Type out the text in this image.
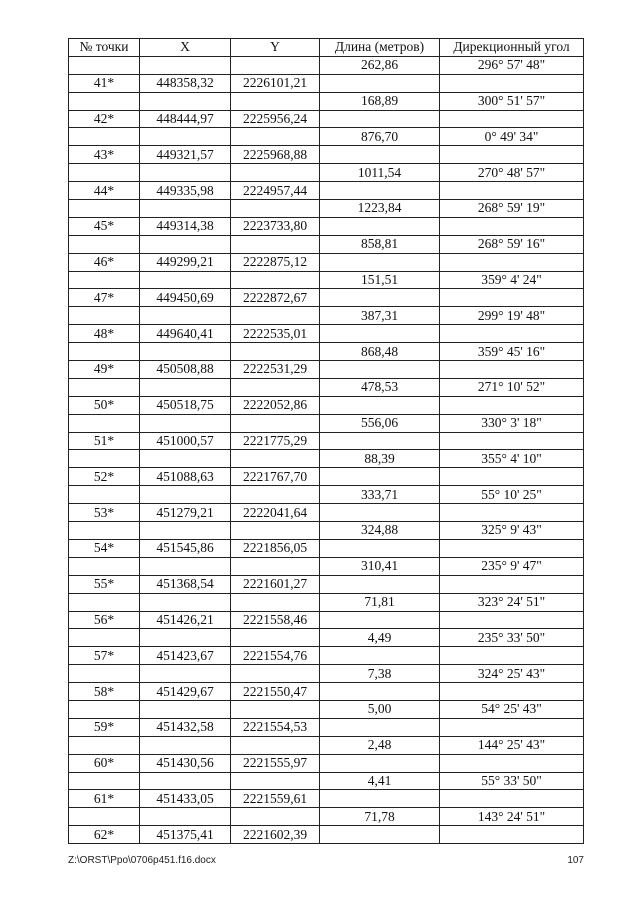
№ точки	X	Y	Длина (метров)	Дирекционный угол
			262,86	296° 57' 48"
41*	448358,32	2226101,21		
			168,89	300° 51' 57"
42*	448444,97	2225956,24		
			876,70	0° 49' 34"
43*	449321,57	2225968,88		
			1011,54	270° 48' 57"
44*	449335,98	2224957,44		
			1223,84	268° 59' 19"
45*	449314,38	2223733,80		
			858,81	268° 59' 16"
46*	449299,21	2222875,12		
			151,51	359° 4' 24"
47*	449450,69	2222872,67		
			387,31	299° 19' 48"
48*	449640,41	2222535,01		
			868,48	359° 45' 16"
49*	450508,88	2222531,29		
			478,53	271° 10' 52"
50*	450518,75	2222052,86		
			556,06	330° 3' 18"
51*	451000,57	2221775,29		
			88,39	355° 4' 10"
52*	451088,63	2221767,70		
			333,71	55° 10' 25"
53*	451279,21	2222041,64		
			324,88	325° 9' 43"
54*	451545,86	2221856,05		
			310,41	235° 9' 47"
55*	451368,54	2221601,27		
			71,81	323° 24' 51"
56*	451426,21	2221558,46		
			4,49	235° 33' 50"
57*	451423,67	2221554,76		
			7,38	324° 25' 43"
58*	451429,67	2221550,47		
			5,00	54° 25' 43"
59*	451432,58	2221554,53		
			2,48	144° 25' 43"
60*	451430,56	2221555,97		
			4,41	55° 33' 50"
61*	451433,05	2221559,61		
			71,78	143° 24' 51"
62*	451375,41	2221602,39		
Z:\ORST\Ppo\0706p451.f16.docx	107
